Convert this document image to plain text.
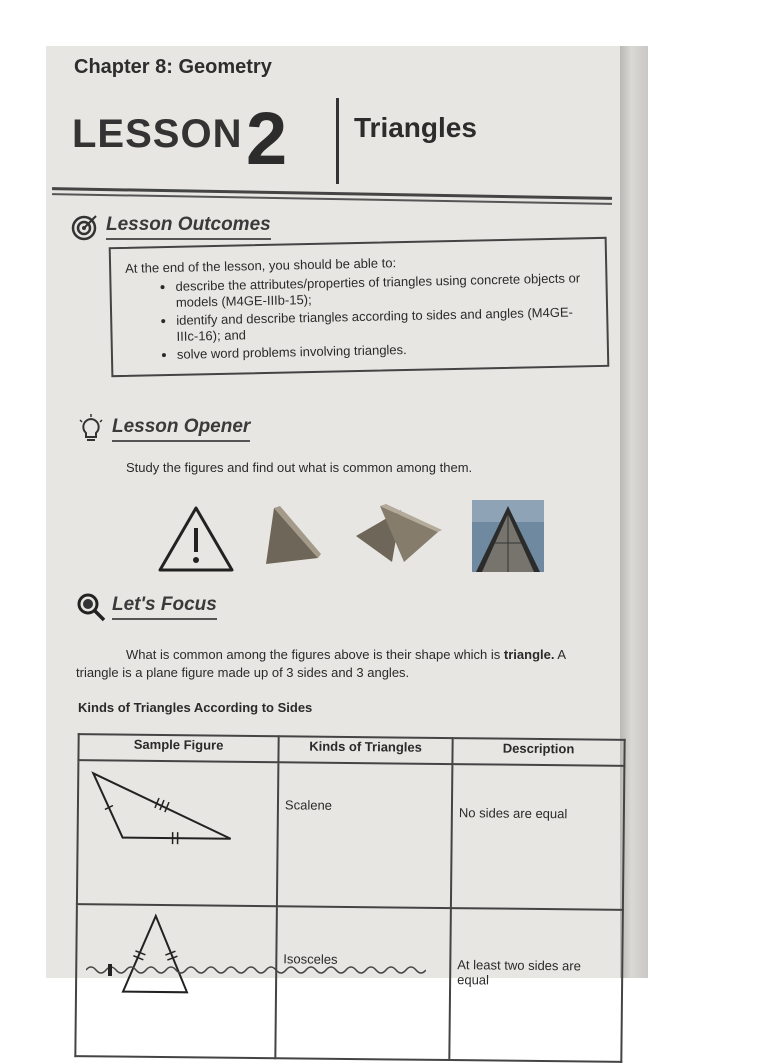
Chapter 8: Geometry
LESSON 2 Triangles
Lesson Outcomes
At the end of the lesson, you should be able to:
• describe the attributes/properties of triangles using concrete objects or models (M4GE-IIIb-15);
• identify and describe triangles according to sides and angles (M4GE-IIIc-16); and
• solve word problems involving triangles.
Lesson Opener
Study the figures and find out what is common among them.
Let's Focus
What is common among the figures above is their shape which is triangle. A triangle is a plane figure made up of 3 sides and 3 angles.
Kinds of Triangles According to Sides
Sample Figure	Kinds of Triangles	Description
	Scalene	No sides are equal
	Isosceles	At least two sides are equal
